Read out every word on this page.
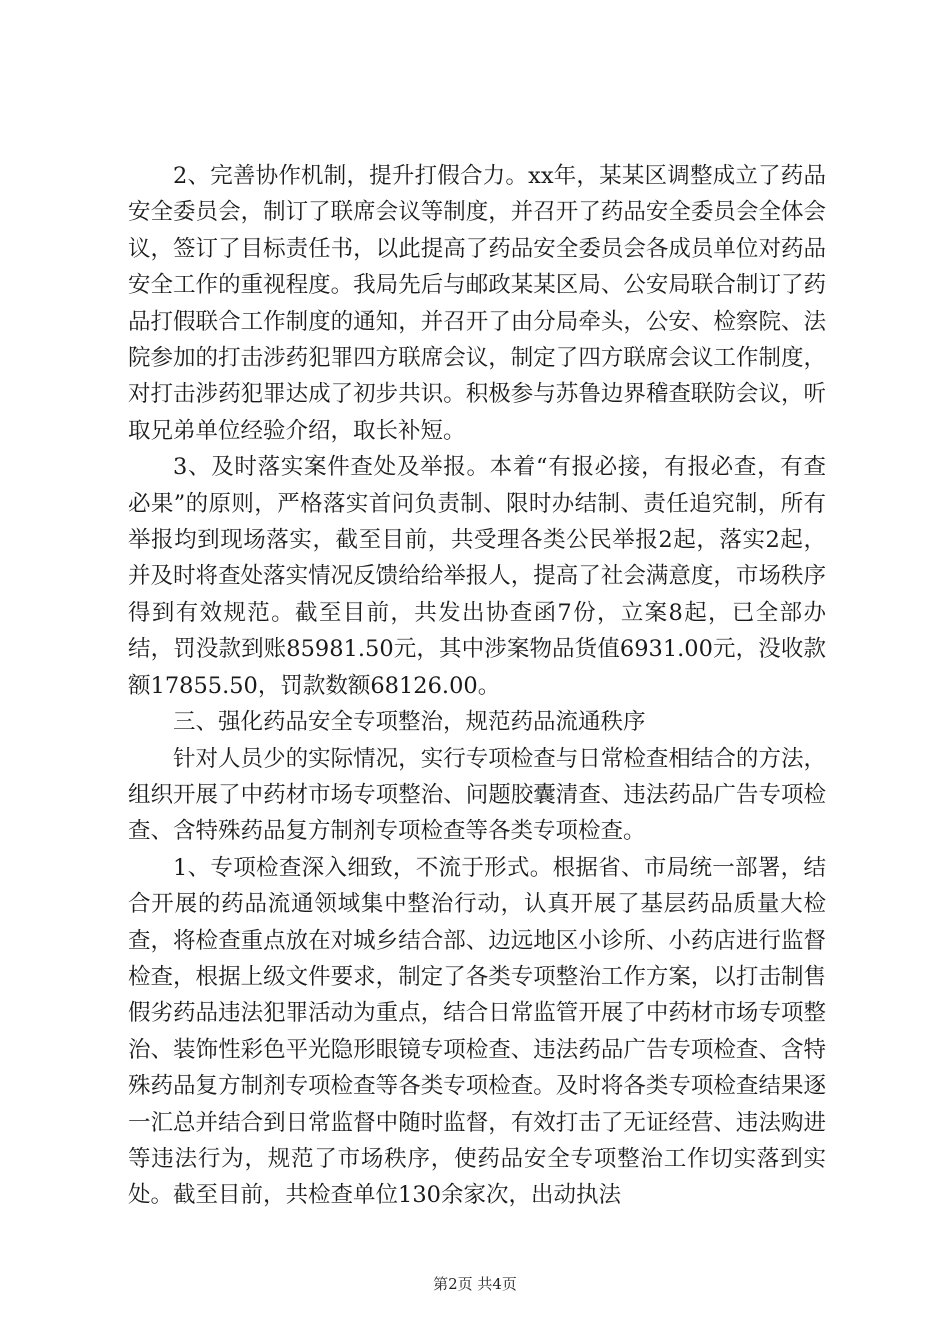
2、完善协作机制，提升打假合力。xx年，某某区调整成立了药品安全委员会，制订了联席会议等制度，并召开了药品安全委员会全体会议，签订了目标责任书，以此提高了药品安全委员会各成员单位对药品安全工作的重视程度。我局先后与邮政某某区局、公安局联合制订了药品打假联合工作制度的通知，并召开了由分局牵头，公安、检察院、法院参加的打击涉药犯罪四方联席会议，制定了四方联席会议工作制度，对打击涉药犯罪达成了初步共识。积极参与苏鲁边界稽查联防会议，听取兄弟单位经验介绍，取长补短。

3、及时落实案件查处及举报。本着“有报必接，有报必查，有查必果”的原则，严格落实首问负责制、限时办结制、责任追究制，所有举报均到现场落实，截至目前，共受理各类公民举报2起，落实2起，并及时将查处落实情况反馈给给举报人，提高了社会满意度，市场秩序得到有效规范。截至目前，共发出协查函7份，立案8起，已全部办结，罚没款到账85981.50元，其中涉案物品货值6931.00元，没收款额17855.50，罚款数额68126.00。

三、强化药品安全专项整治，规范药品流通秩序

针对人员少的实际情况，实行专项检查与日常检查相结合的方法，组织开展了中药材市场专项整治、问题胶囊清查、违法药品广告专项检查、含特殊药品复方制剂专项检查等各类专项检查。

1、专项检查深入细致，不流于形式。根据省、市局统一部署，结合开展的药品流通领域集中整治行动，认真开展了基层药品质量大检查，将检查重点放在对城乡结合部、边远地区小诊所、小药店进行监督检查，根据上级文件要求，制定了各类专项整治工作方案，以打击制售假劣药品违法犯罪活动为重点，结合日常监管开展了中药材市场专项整治、装饰性彩色平光隐形眼镜专项检查、违法药品广告专项检查、含特殊药品复方制剂专项检查等各类专项检查。及时将各类专项检查结果逐一汇总并结合到日常监督中随时监督，有效打击了无证经营、违法购进等违法行为，规范了市场秩序，使药品安全专项整治工作切实落到实处。截至目前，共检查单位130余家次，出动执法

第2页 共4页
